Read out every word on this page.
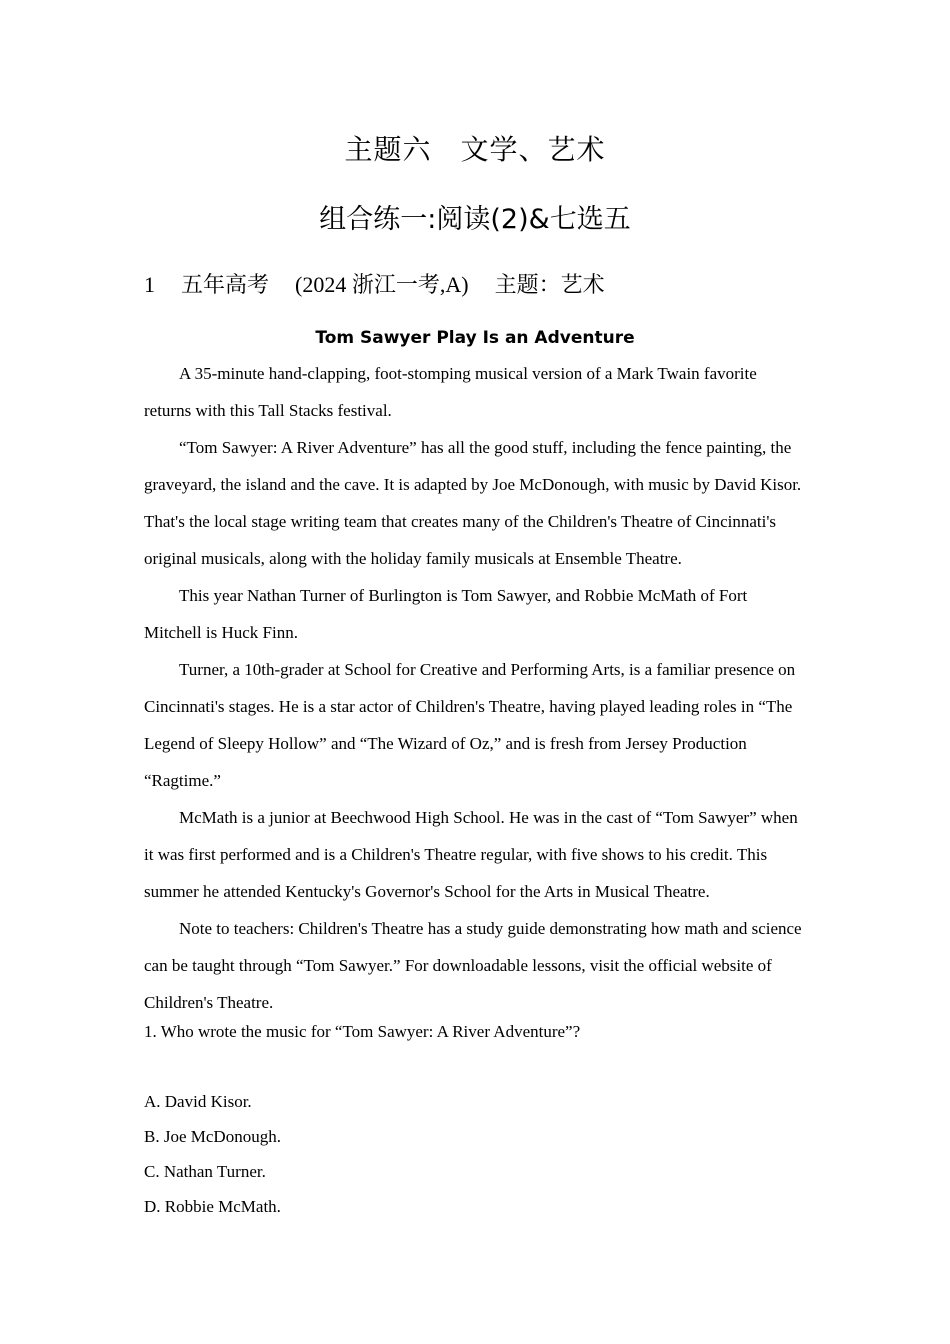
主题六　文学、艺术
组合练一:阅读(2)&七选五
1 五年高考 (2024 浙江一考,A) 主题：艺术
Tom Sawyer Play Is an Adventure

A 35-minute hand-clapping, foot-stomping musical version of a Mark Twain favorite returns with this Tall Stacks festival.

“Tom Sawyer: A River Adventure” has all the good stuff, including the fence painting, the graveyard, the island and the cave. It is adapted by Joe McDonough, with music by David Kisor. That's the local stage writing team that creates many of the Children's Theatre of Cincinnati's original musicals, along with the holiday family musicals at Ensemble Theatre.

This year Nathan Turner of Burlington is Tom Sawyer, and Robbie McMath of Fort Mitchell is Huck Finn.

Turner, a 10th-grader at School for Creative and Performing Arts, is a familiar presence on Cincinnati's stages. He is a star actor of Children's Theatre, having played leading roles in “The Legend of Sleepy Hollow” and “The Wizard of Oz,” and is fresh from Jersey Production “Ragtime.”

McMath is a junior at Beechwood High School. He was in the cast of “Tom Sawyer” when it was first performed and is a Children's Theatre regular, with five shows to his credit. This summer he attended Kentucky's Governor's School for the Arts in Musical Theatre.

Note to teachers: Children's Theatre has a study guide demonstrating how math and science can be taught through “Tom Sawyer.” For downloadable lessons, visit the official website of Children's Theatre.

1. Who wrote the music for “Tom Sawyer: A River Adventure”?
A. David Kisor.
B. Joe McDonough.
C. Nathan Turner.
D. Robbie McMath.
